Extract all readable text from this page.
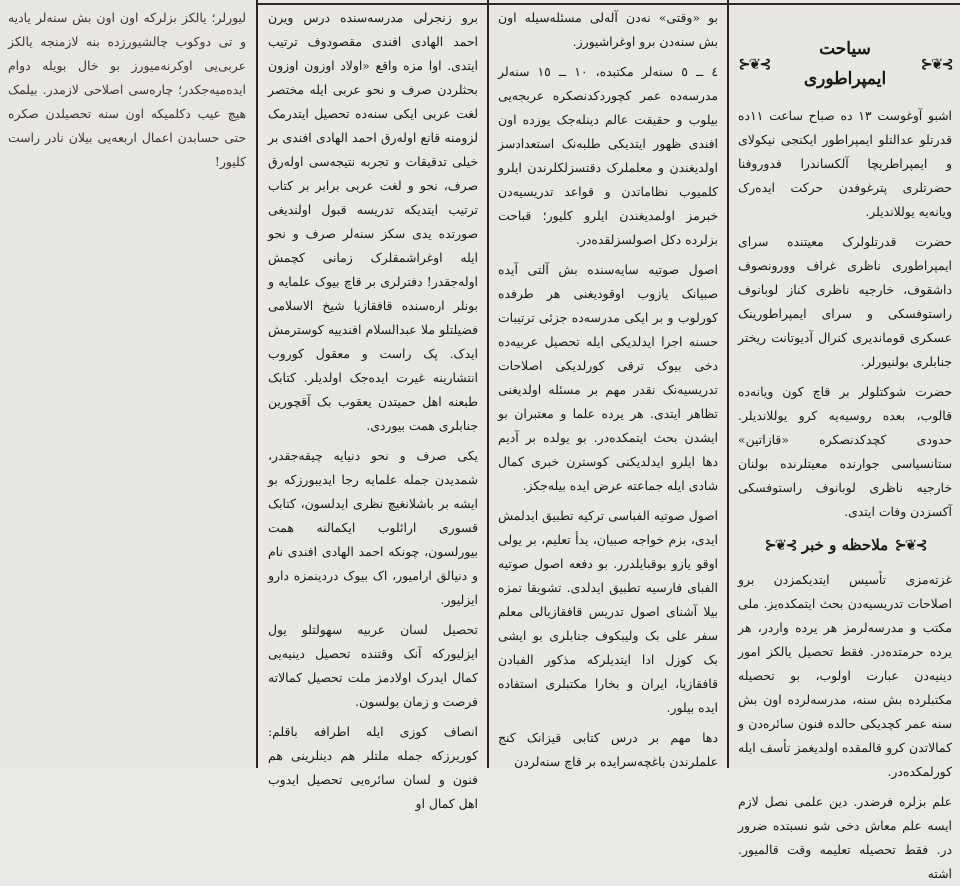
⊱❦⊰
سیاحت ایمپراطوری
⊱❦⊰

اشبو آوغوست ۱۳ دە صباح ساعت ۱۱دە قدرتلو عدالتلو ایمپراطور ایکنجی نیکولای و ایمپراطریچا آلکساندرا فدوروفنا حضرتلری پترغوفدن حرکت ایدەرک ویانەیە یوللاندیلر.

حضرت قدرتلولرک معیتندە سرای ایمپراطوری ناظری غراف وورونصوف داشقوف، خارجیە ناظری کناز لوبانوف راستوفسکی و سرای ایمپراطورینک عسکری قوماندیری کنرال آدیوتانت ریختر جنابلری بولنیورلر.

حضرت شوکتلولر بر قاچ کون ویانەدە قالوب، بعدە روسیەیە کرو یوللاندیلر. حدودی کچدکدنصکرە «قازاتین» ستانسیاسی جوارندە معیتلرندە بولنان خارجیە ناظری لوبانوف راستوفسکی آکسزدن وفات ایتدی.

⊱❦⊰
ملاحظە و خبر
⊱❦⊰

غزتەمزی تأسیس ایتدیکمزدن برو اصلاحات تدریسیەدن بحث ایتمکدەیز. ملی مکتب و مدرسەلرمز هر یردە واردر، هر یردە حرمتدەدر. فقط تحصیل یالکز امور دینیەدن عبارت اولوب، بو تحصیلە مکتبلردە بش سنە، مدرسەلردە اون بش سنە عمر کچدیکی حالدە فنون سائرەدن و کمالاتدن کرو قالمقدە اولدیغمز تأسف ایلە کورلمکدەدر.

علم بزلرە فرضدر. دین علمی نصل لازم ایسە علم معاش دخی شو نسبتدە ضرور در. فقط تحصیلە تعلیمە وقت قالمیور. اشتە

بو «وقتی» نەدن آلەلی مسئلەسیلە اون بش سنەدن برو اوغراشیورز.

٤ ــ ٥ سنەلر مکتبدە، ١٠ ــ ١٥ سنەلر مدرسەدە عمر کچوردکدنصکرە عربجەیی بیلوب و حقیقت عالم دینلەجک یوزدە اون افندی ظهور ایتدیکی طلبەنک استعدادسز اولدیغندن و معلملرک دقتسزلکلرندن ایلرو کلمیوب نظاماتدن و قواعد تدریسیەدن خبرمز اولمدیغندن ایلرو کلیور؛ قباحت بزلردە دکل اصولسزلقدەدر.

اصول صوتیە سایەسندە بش آلتی آیدە صبیانک یازوب اوقودیغنی هر طرفدە کورلوب و بر ایکی مدرسەدە جزئی ترتیبات حسنە اجرا ایدلدیکی ایلە تحصیل عربیەدە دخی بیوک ترقی کورلدیکی اصلاحات تدریسیەنک نقدر مهم بر مسئلە اولدیغنی تظاهر ایتدی. هر یردە علما و معتبران بو ایشدن بحث ایتمکدەدر. بو یولدە بر آدیم دها ایلرو ایدلدیکنی کوسترن خبری کمال شادی ایلە جماعتە عرض ایدە بیلەجکز.

اصول صوتیە الفباسی ترکیە تطبیق ایدلمش ایدی، بزم خواجە صبیان، یدأ تعلیم، بر یولی اوقو یازو بوقبایلدرر. بو دفعە اصول صوتیە الفبای فارسیە تطبیق ایدلدی. تشویقا تمزە بیلا آشنای اصول تدریس قافقازیالی معلم سفر علی بک ولیبکوف جنابلری بو ایشی بک کوزل ادا ایتدیلرکە مذکور الفبادن قافقازیا، ایران و بخارا مکتبلری استفادە ایدە بیلور.

دها مهم بر درس کتابی قیزانک کنج علملرندن باغچەسرایدە بر قاچ سنەلردن

برو زنجرلی مدرسەسندە درس ویرن احمد الهادی افندی مقصودوف ترتیب ایتدی. اوا مزە واقع «اولاد اوزون اوزون بحثلردن صرف و نحو عربی ایلە مختصر لغت عربی ایکی سنەدە تحصیل ایتدرمک لزومنە قانع اولەرق احمد الهادی افندی بر خیلی تدقیقات و تجربە نتیجەسی اولەرق صرف، نحو و لغت عربی برابر بر کتاب ترتیب ایتدیکە تدریسە قبول اولندیغی صورتدە یدی سکز سنەلر صرف و نحو ایلە اوغراشمقلرک زمانی کچمش اولەجقدر! دفترلری بر قاچ بیوک علمایە و بونلر ارەسندە قافقازیا شیخ الاسلامی فضیلتلو ملا عبدالسلام افندییە کوسترمش ایدک. پک راست و معقول کوروب انتشارینە غیرت ایدەجک اولدیلر. کتابک طبعنە اهل حمیتدن یعقوب بک آقچورین جنابلری همت بیوردی.

یکی صرف و نحو دنیایە چیقەجقدر، شمدیدن جملە علمایە رجا ایدیبورزکە بو ایشە بر باشلانغیچ نظری ایدلسون، کتابک قسوری ارائلوب ایکمالنە همت بیورلسون، چونکە احمد الهادی افندی نام و دنیالق ارامیور، اک بیوک دردینمزە دارو ایزلیور.

تحصیل لسان عربیە سهولتلو یول ایزلیورکە آنک وقتندە تحصیل دینیەیی کمال ایدرک اولادمز ملت تحصیل کمالاتە فرصت و زمان بولسون.

انصاف کوزی ایلە اطرافە باقلم: کوریرزکە جملە ملتلر هم دینلرینی هم فنون و لسان سائرەیی تحصیل ایدوب اهل کمال او

لیورلر؛ یالکز بزلرکە اون اون بش سنەلر یادیە و تی دوکوب چالشیورزدە بنە لازمنجە یالکز عربی‌یی اوکرنەمیورز بو خال بویلە دوام ایدەمیەجکدر؛ چارەسی اصلاحی لازمدر. بیلمک هیچ عیب دکلمیکە اون سنە تحصیلدن صکرە حتی حسابدن اعمال اربعەیی بیلان نادر راست کلیور!
